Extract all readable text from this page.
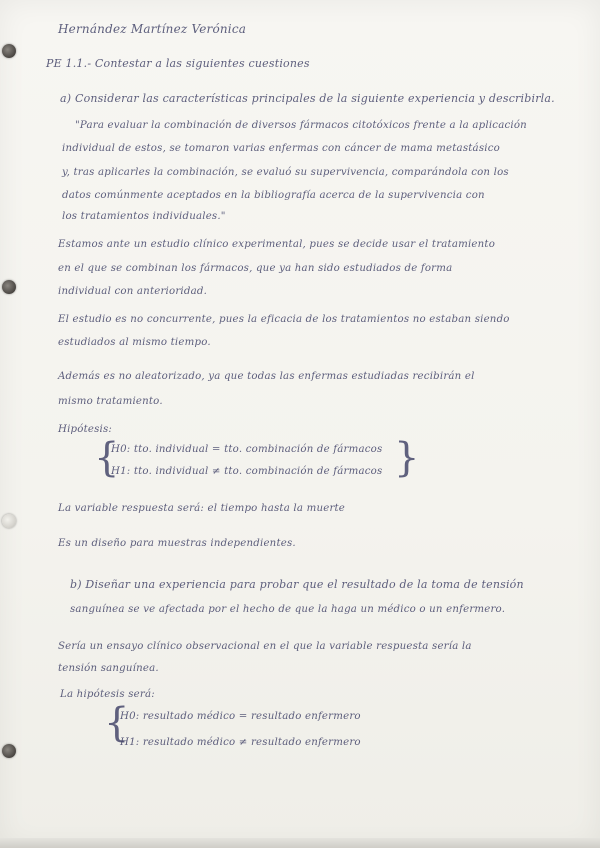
Hernández Martínez Verónica
PE 1.1.- Contestar a las siguientes cuestiones
a) Considerar las características principales de la siguiente experiencia y describirla.
"Para evaluar la combinación de diversos fármacos citotóxicos frente a la aplicación
individual de estos, se tomaron varias enfermas con cáncer de mama metastásico
y, tras aplicarles la combinación, se evaluó su supervivencia, comparándola con los
datos comúnmente aceptados en la bibliografía acerca de la supervivencia con
los tratamientos individuales."
Estamos ante un estudio clínico experimental, pues se decide usar el tratamiento
en el que se combinan los fármacos, que ya han sido estudiados de forma
individual con anterioridad.
El estudio es no concurrente, pues la eficacia de los tratamientos no estaban siendo
estudiados al mismo tiempo.
Además es no aleatorizado, ya que todas las enfermas estudiadas recibirán el
mismo tratamiento.
Hipótesis:
{
H0: tto. individual = tto. combinación de fármacos
H1: tto. individual ≠ tto. combinación de fármacos }
La variable respuesta será: el tiempo hasta la muerte
Es un diseño para muestras independientes.
b) Diseñar una experiencia para probar que el resultado de la toma de tensión
sanguínea se ve afectada por el hecho de que la haga un médico o un enfermero.
Sería un ensayo clínico observacional en el que la variable respuesta sería la
tensión sanguínea.
La hipótesis será:
{
H0: resultado médico = resultado enfermero
H1: resultado médico ≠ resultado enfermero
